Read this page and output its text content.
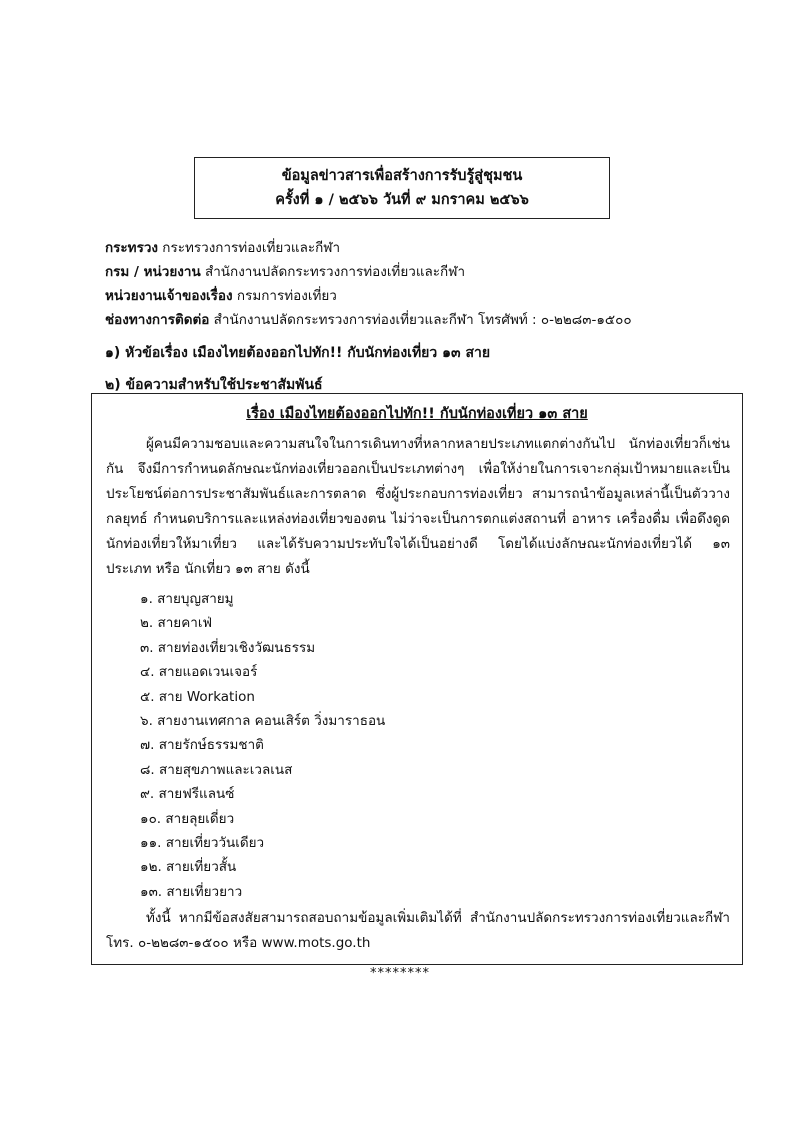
ข้อมูลข่าวสารเพื่อสร้างการรับรู้สู่ชุมชน
ครั้งที่ ๑ / ๒๕๖๖ วันที่ ๙ มกราคม ๒๕๖๖
กระทรวง กระทรวงการท่องเที่ยวและกีฬา
กรม / หน่วยงาน สำนักงานปลัดกระทรวงการท่องเที่ยวและกีฬา
หน่วยงานเจ้าของเรื่อง กรมการท่องเที่ยว
ช่องทางการติดต่อ สำนักงานปลัดกระทรวงการท่องเที่ยวและกีฬา โทรศัพท์ : ๐-๒๒๘๓-๑๕๐๐
๑) หัวข้อเรื่อง เมืองไทยต้องออกไปทัก!! กับนักท่องเที่ยว ๑๓ สาย
๒) ข้อความสำหรับใช้ประชาสัมพันธ์
เรื่อง เมืองไทยต้องออกไปทัก!! กับนักท่องเที่ยว ๑๓ สาย
ผู้คนมีความชอบและความสนใจในการเดินทางที่หลากหลายประเภทแตกต่างกันไป นักท่องเที่ยวก็เช่นกัน จึงมีการกำหนดลักษณะนักท่องเที่ยวออกเป็นประเภทต่างๆ เพื่อให้ง่ายในการเจาะกลุ่มเป้าหมายและเป็นประโยชน์ต่อการประชาสัมพันธ์และการตลาด ซึ่งผู้ประกอบการท่องเที่ยว สามารถนำข้อมูลเหล่านี้เป็นตัววางกลยุทธ์ กำหนดบริการและแหล่งท่องเที่ยวของตน ไม่ว่าจะเป็นการตกแต่งสถานที่ อาหาร เครื่องดื่ม เพื่อดึงดูดนักท่องเที่ยวให้มาเที่ยว และได้รับความประทับใจได้เป็นอย่างดี โดยได้แบ่งลักษณะนักท่องเที่ยวได้ ๑๓ ประเภท หรือ นักเที่ยว ๑๓ สาย ดังนี้
๑. สายบุญสายมู
๒. สายคาเฟ่
๓. สายท่องเที่ยวเชิงวัฒนธรรม
๔. สายแอดเวนเจอร์
๕. สาย Workation
๖. สายงานเทศกาล คอนเสิร์ต วิ่งมาราธอน
๗. สายรักษ์ธรรมชาติ
๘. สายสุขภาพและเวลเนส
๙. สายฟรีแลนซ์
๑๐. สายลุยเดี่ยว
๑๑. สายเที่ยววันเดียว
๑๒. สายเที่ยวสั้น
๑๓. สายเที่ยวยาว
ทั้งนี้ หากมีข้อสงสัยสามารถสอบถามข้อมูลเพิ่มเติมได้ที่ สำนักงานปลัดกระทรวงการท่องเที่ยวและกีฬา โทร. ๐-๒๒๘๓-๑๕๐๐ หรือ www.mots.go.th
********
